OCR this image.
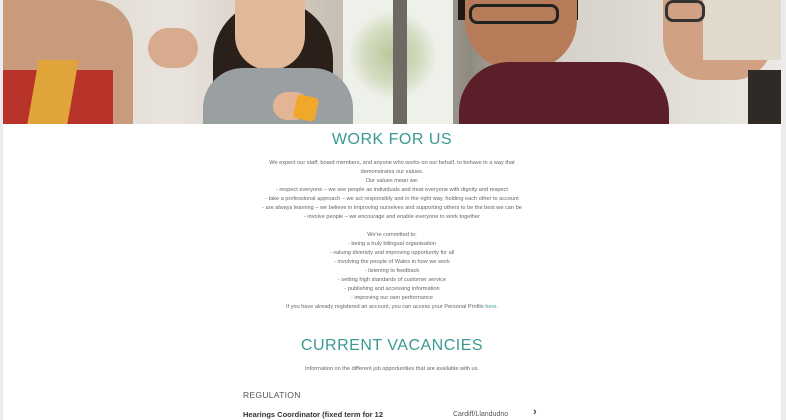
WORK FOR US
We expect our staff, board members, and anyone who works on our behalf, to behave in a way that
demonstrates our values.
Our values mean we:
- respect everyone – we see people as individuals and treat everyone with dignity and respect
- take a professional approach – we act responsibly and in the right way, holding each other to account
- are always learning – we believe in improving ourselves and supporting others to be the best we can be
- involve people – we encourage and enable everyone to work together
We're committed to:
- being a truly bilingual organisation
- valuing diversity and improving opportunity for all
- involving the people of Wales in how we work
- listening to feedback
- setting high standards of customer service
- publishing and accessing information
- improving our own performance
If you have already registered an account, you can access your Personal Profile here.
CURRENT VACANCIES
Information on the different job opportunities that are available with us.
REGULATION
Hearings Coordinator (fixed term for 12	Cardiff/Llandudno ›
